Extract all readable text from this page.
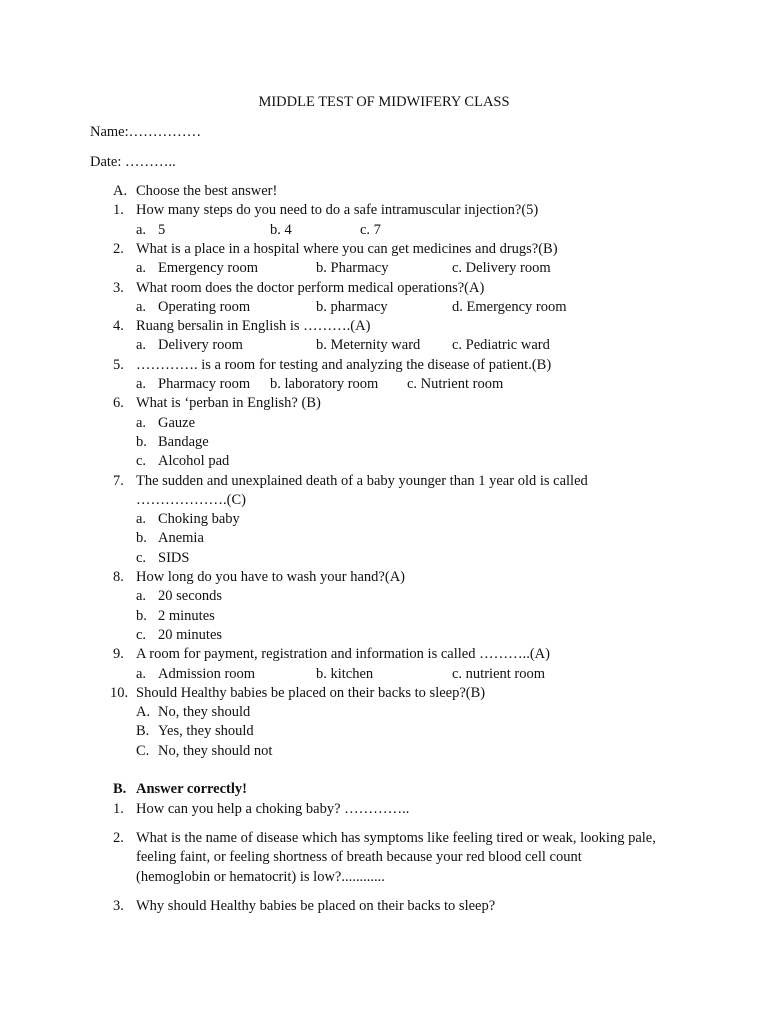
MIDDLE TEST OF MIDWIFERY CLASS
Name:……………
Date: ………..
A. Choose the best answer!
1. How many steps do you need to do a safe intramuscular injection?(5)
a. 5	b. 4	c. 7
2. What is a place in a hospital where you can get medicines and drugs?(B)
a. Emergency room	b. Pharmacy	c. Delivery room
3. What room does the doctor perform medical operations?(A)
a. Operating room	b. pharmacy	d. Emergency room
4. Ruang bersalin in English is ……….(A)
a. Delivery room	b. Meternity ward c. Pediatric ward
5. …………. is a room for testing and analyzing the disease of patient.(B)
a. Pharmacy room b. laboratory room c. Nutrient room
6. What is ‘perban in English? (B)
a. Gauze
b. Bandage
c. Alcohol pad
7. The sudden and unexplained death of a baby younger than 1 year old is called
……………….(C)
a. Choking baby
b. Anemia
c. SIDS
8. How long do you have to wash your hand?(A)
a. 20 seconds
b. 2 minutes
c. 20 minutes
9. A room for payment, registration and information is called ………..(A)
a. Admission room	b. kitchen	c. nutrient room
10. Should Healthy babies be placed on their backs to sleep?(B)
A. No, they should
B. Yes, they should
C. No, they should not
B. Answer correctly!
1. How can you help a choking baby? …………..
2. What is the name of disease which has symptoms like feeling tired or weak, looking pale,
feeling faint, or feeling shortness of breath because your red blood cell count
(hemoglobin or hematocrit) is low?............
3. Why should Healthy babies be placed on their backs to sleep?
